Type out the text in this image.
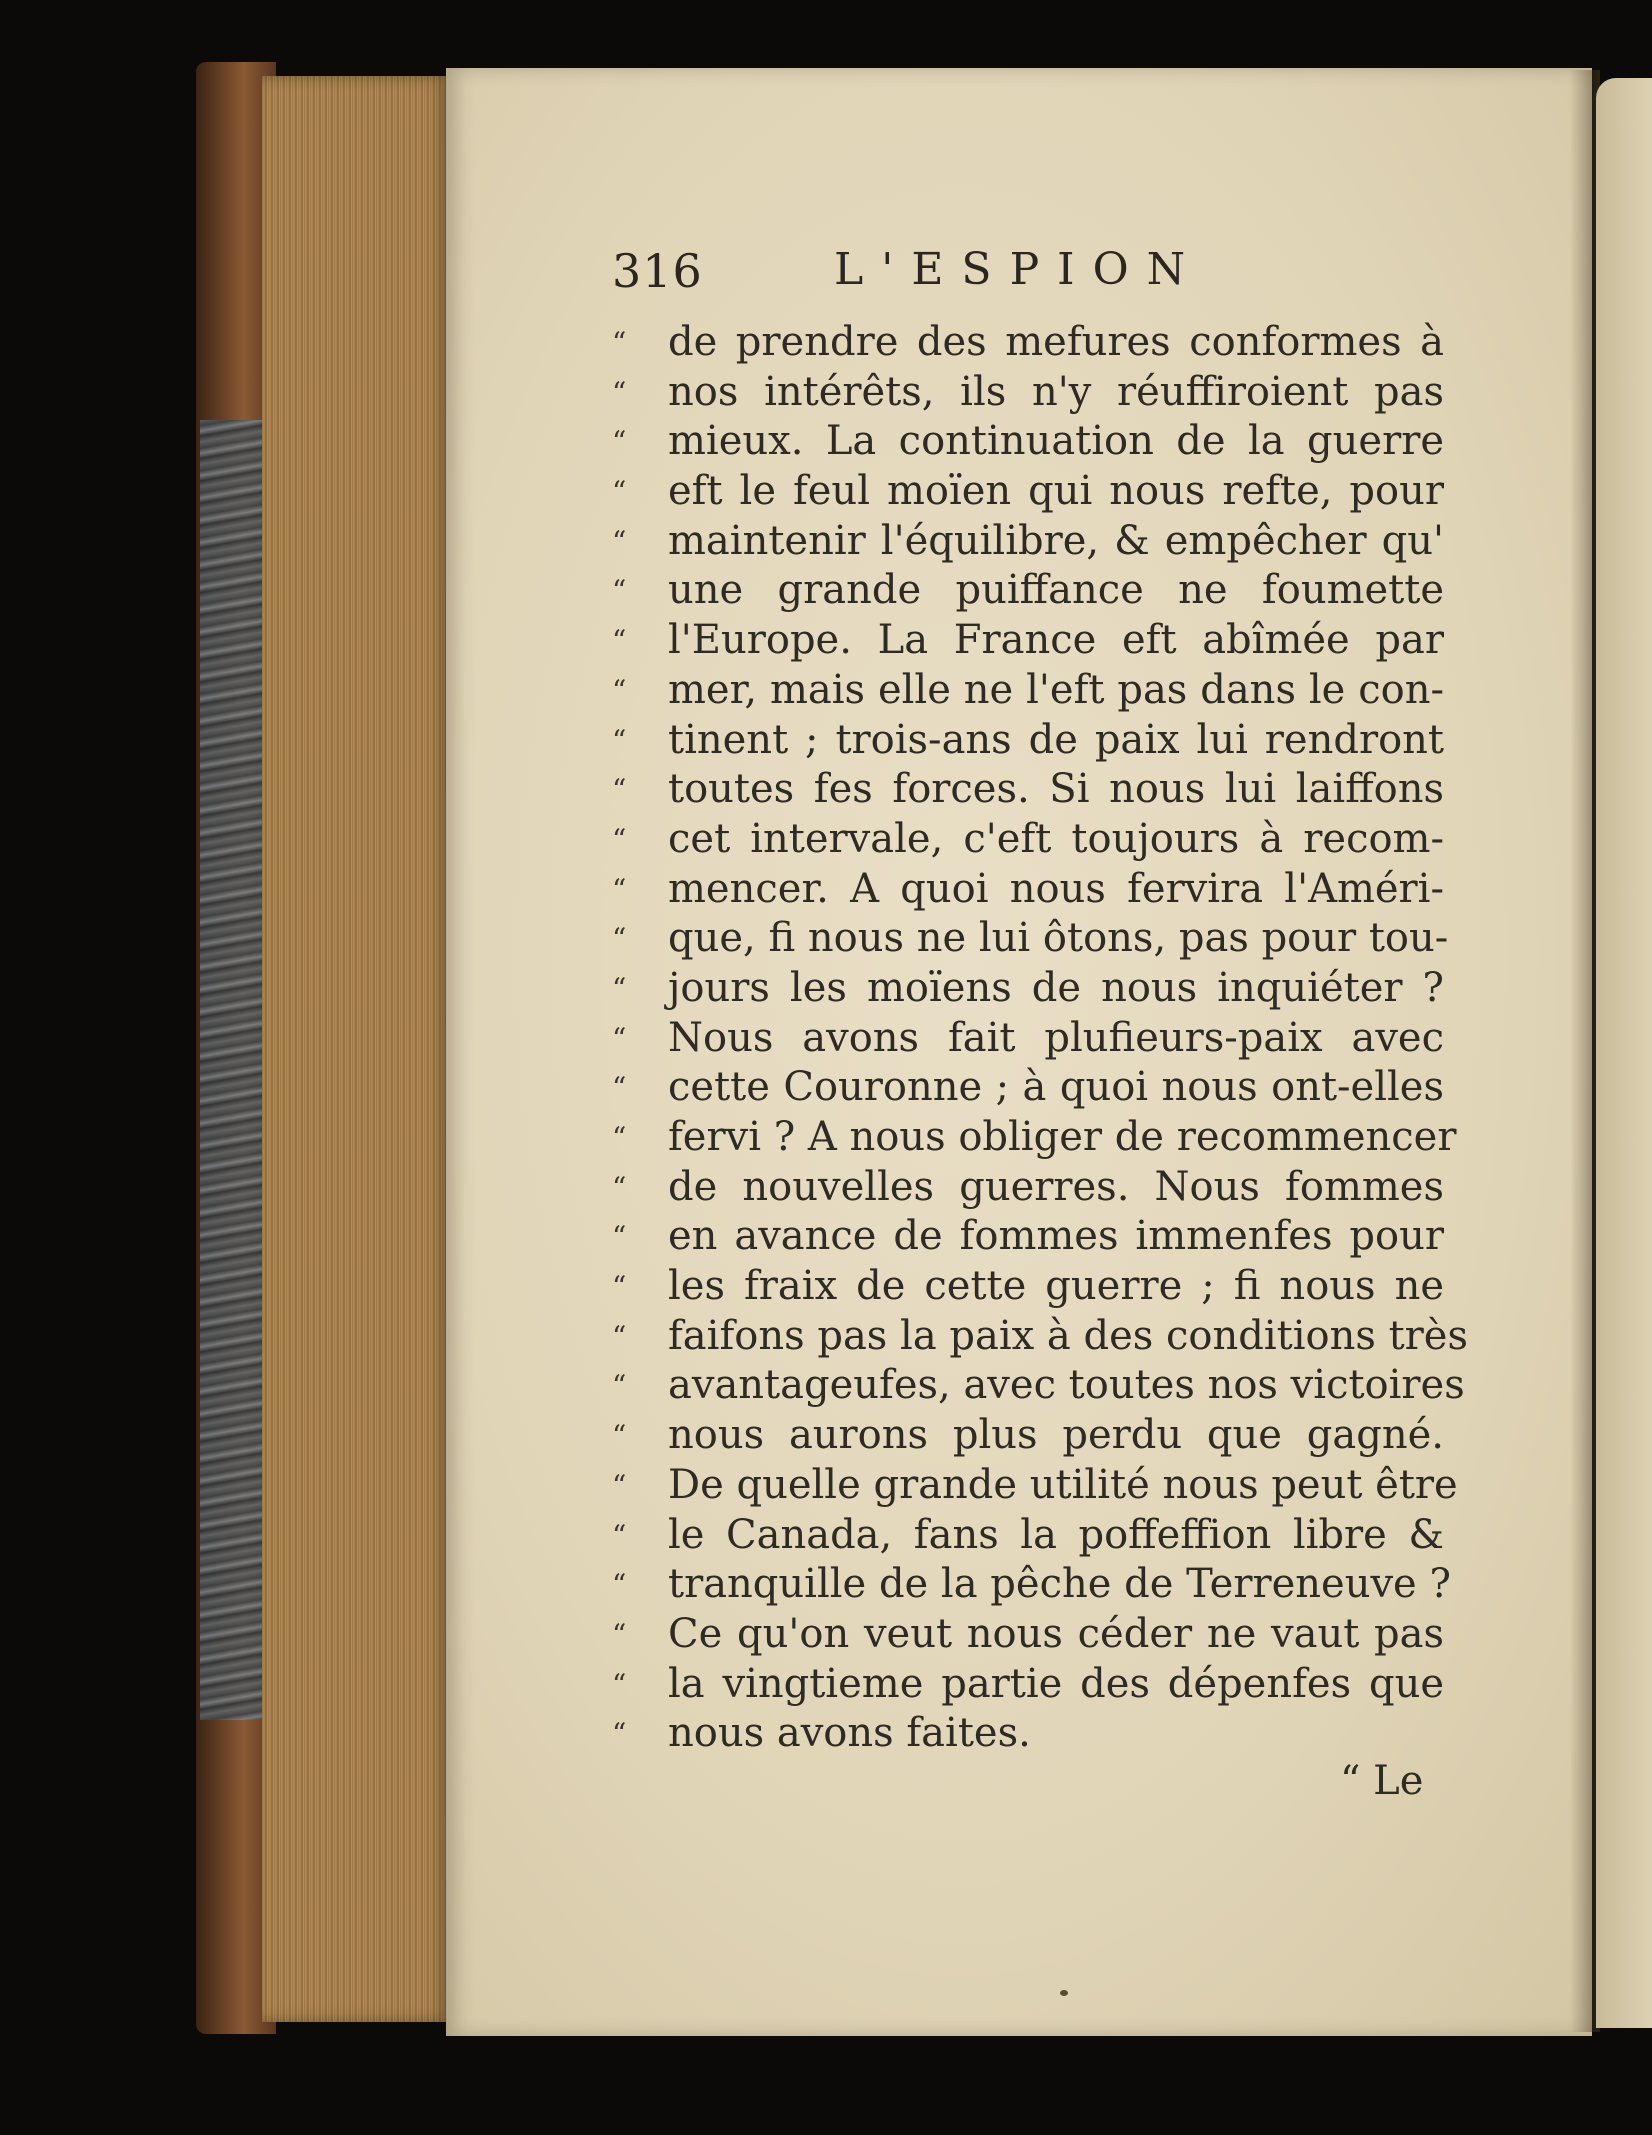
316	L'ESPION
“	de prendre des mefures conformes à
“	nos intérêts, ils n'y réuffiroient pas
“	mieux. La continuation de la guerre
“	eft le feul moïen qui nous refte, pour
“	maintenir l'équilibre, & empêcher qu'
“	une grande puiffance ne foumette
“	l'Europe. La France eft abîmée par
“	mer, mais elle ne l'eft pas dans le con-
“	tinent ; trois-ans de paix lui rendront
“	toutes fes forces. Si nous lui laiffons
“	cet intervale, c'eft toujours à recom-
“	mencer. A quoi nous fervira l'Améri-
“	que, fi nous ne lui ôtons, pas pour tou-
“	jours les moïens de nous inquiéter ?
“	Nous avons fait plufieurs-paix avec
“	cette Couronne ; à quoi nous ont-elles
“	fervi ? A nous obliger de recommencer
“	de nouvelles guerres. Nous fommes
“	en avance de fommes immenfes pour
“	les fraix de cette guerre ; fi nous ne
“	faifons pas la paix à des conditions très
“	avantageufes, avec toutes nos victoires
“	nous aurons plus perdu que gagné.
“	De quelle grande utilité nous peut être
“	le Canada, fans la poffeffion libre &
“	tranquille de la pêche de Terreneuve ?
“	Ce qu'on veut nous céder ne vaut pas
“	la vingtieme partie des dépenfes que
“	nous avons faites.
“ Le
